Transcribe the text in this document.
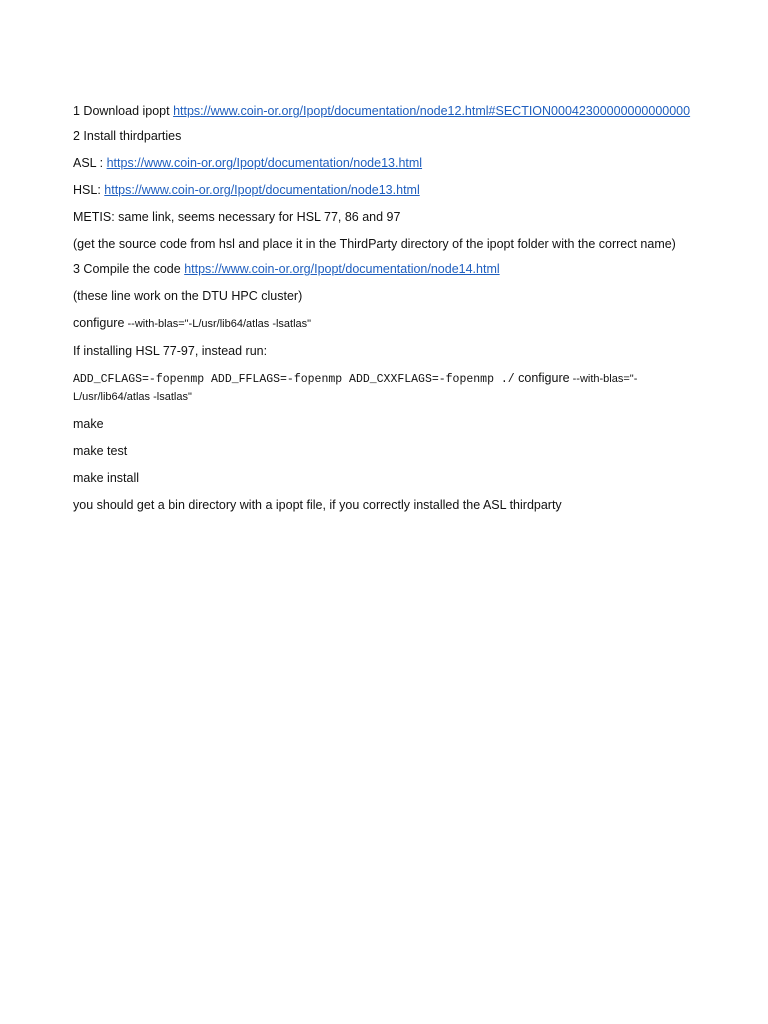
1 Download ipopt https://www.coin-or.org/Ipopt/documentation/node12.html#SECTION00042300000000000000

2 Install thirdparties

ASL : https://www.coin-or.org/Ipopt/documentation/node13.html

HSL: https://www.coin-or.org/Ipopt/documentation/node13.html

METIS: same link, seems necessary for HSL 77, 86 and 97

(get the source code from hsl and place it in the ThirdParty directory of the ipopt folder with the correct name)

3 Compile the code https://www.coin-or.org/Ipopt/documentation/node14.html

(these line work on the DTU HPC cluster)

configure --with-blas="-L/usr/lib64/atlas -lsatlas"

If installing HSL 77-97, instead run:

ADD_CFLAGS=-fopenmp ADD_FFLAGS=-fopenmp ADD_CXXFLAGS=-fopenmp ./ configure --with-blas="-L/usr/lib64/atlas -lsatlas"

make

make test

make install

you should get a bin directory with a ipopt file, if you correctly installed the ASL thirdparty
